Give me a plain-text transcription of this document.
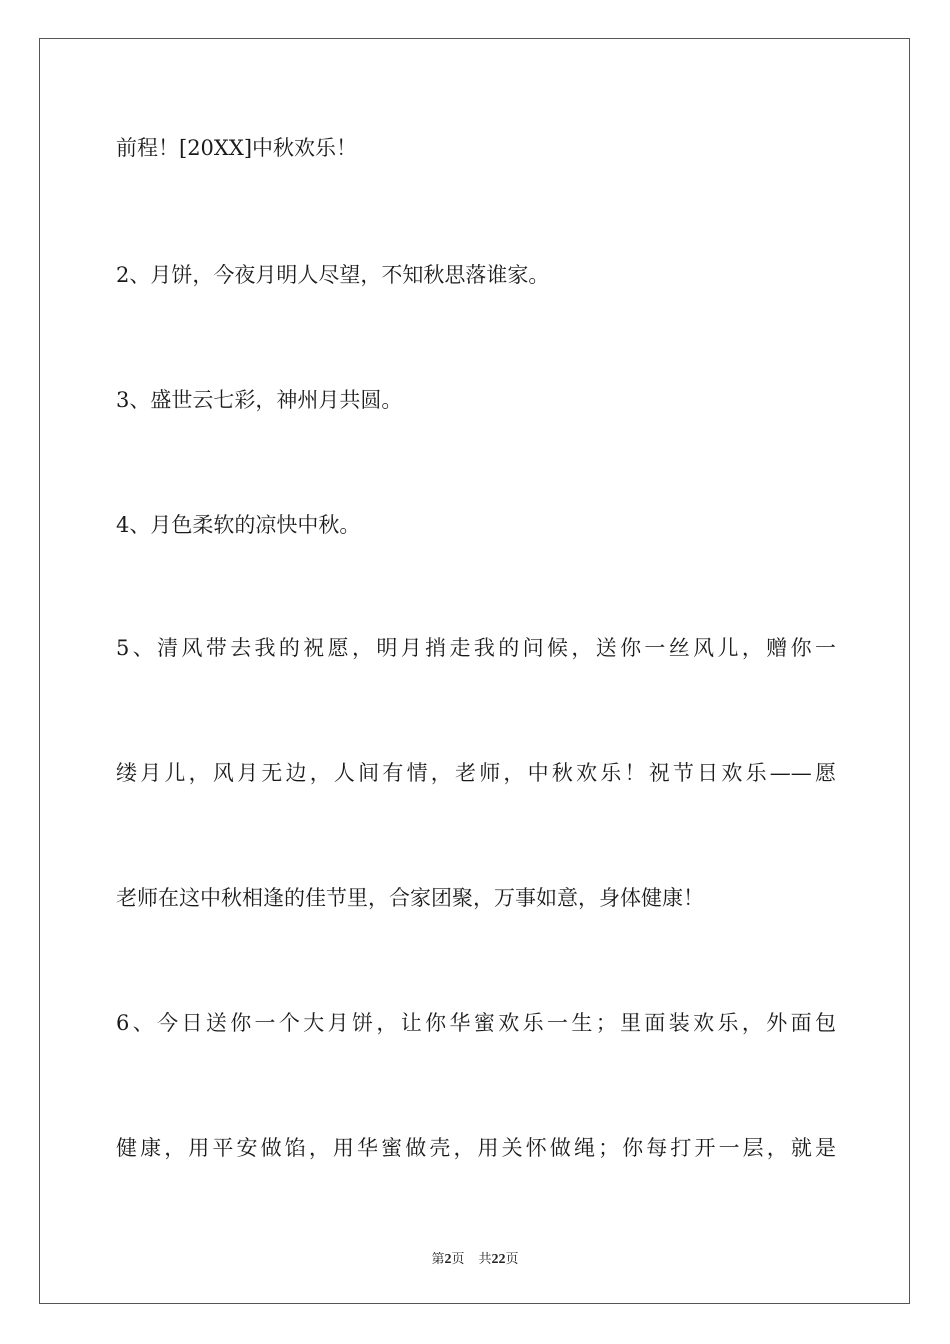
前程！[20XX]中秋欢乐！

2、月饼，今夜月明人尽望，不知秋思落谁家。

3、盛世云七彩，神州月共圆。

4、月色柔软的凉快中秋。

5、清风带去我的祝愿，明月捎走我的问候，送你一丝风儿，赠你一

缕月儿，风月无边，人间有情，老师，中秋欢乐！祝节日欢乐——愿

老师在这中秋相逢的佳节里，合家团聚，万事如意，身体健康！

6、今日送你一个大月饼，让你华蜜欢乐一生；里面装欢乐，外面包

健康，用平安做馅，用华蜜做壳，用关怀做绳；你每打开一层，就是

第2页 共22页
